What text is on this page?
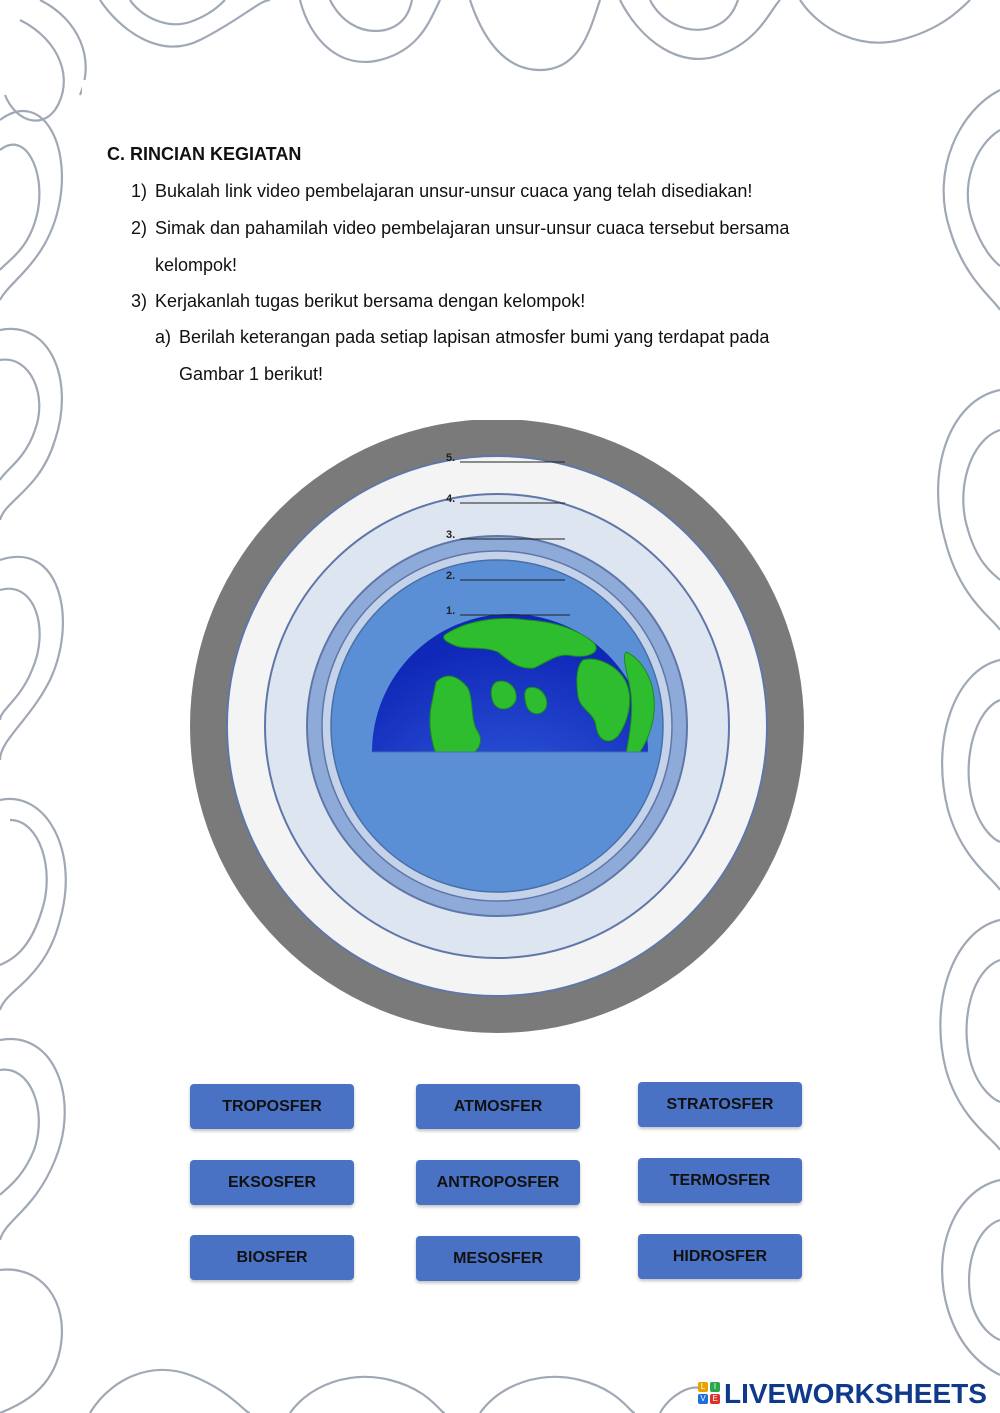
C. RINCIAN KEGIATAN
1) Bukalah link video pembelajaran unsur-unsur cuaca yang telah disediakan!
2) Simak dan pahamilah video pembelajaran unsur-unsur cuaca tersebut bersama
kelompok!
3) Kerjakanlah tugas berikut bersama dengan kelompok!
a) Berilah keterangan pada setiap lapisan atmosfer bumi yang terdapat pada
Gambar 1 berikut!
5.
4.
3.
2.
1.
TROPOSFER	ATMOSFER	STRATOSFER
EKSOSFER	ANTROPOSFER	TERMOSFER
BIOSFER	MESOSFER	HIDROSFER
L	I
V E LIVEWORKSHEETS
